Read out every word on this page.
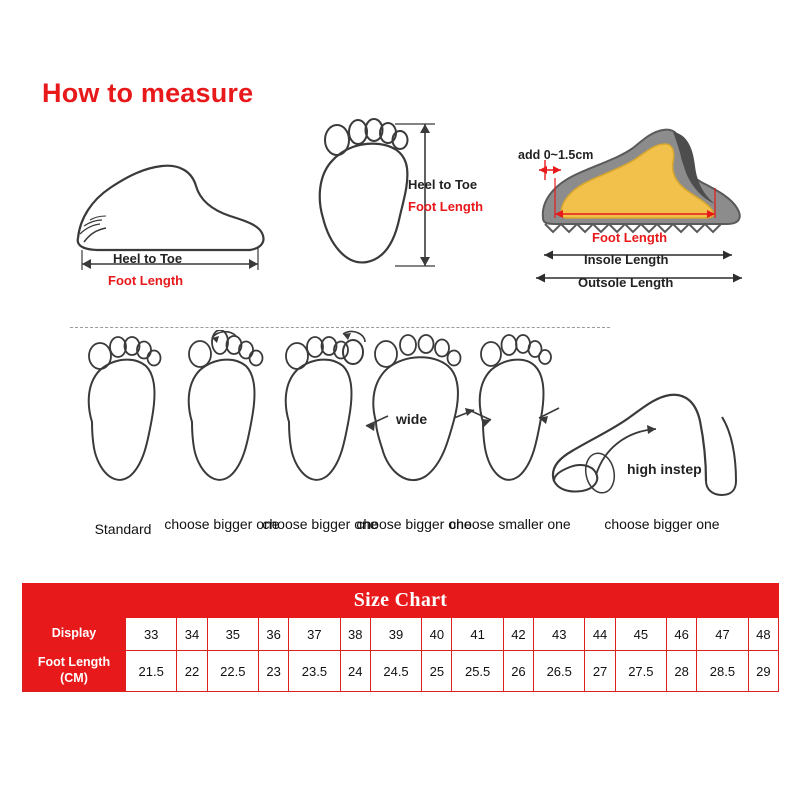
How to measure
Heel to Toe
Foot Length
Heel to Toe
Foot Length
add 0~1.5cm
Foot Length
Insole Length
Outsole Length
Standard choose bigger one
choose bigger one
wide
choose bigger one
choose smaller one
high instep
choose bigger one
Size Chart																
Display	33	34	35	36	37	38	39	40	41	42	43	44	45	46	47	48

Foot Length
(CM)	21.5	22	22.5	23	23.5	24	24.5	25	25.5	26	26.5	27	27.5	28	28.5	29
